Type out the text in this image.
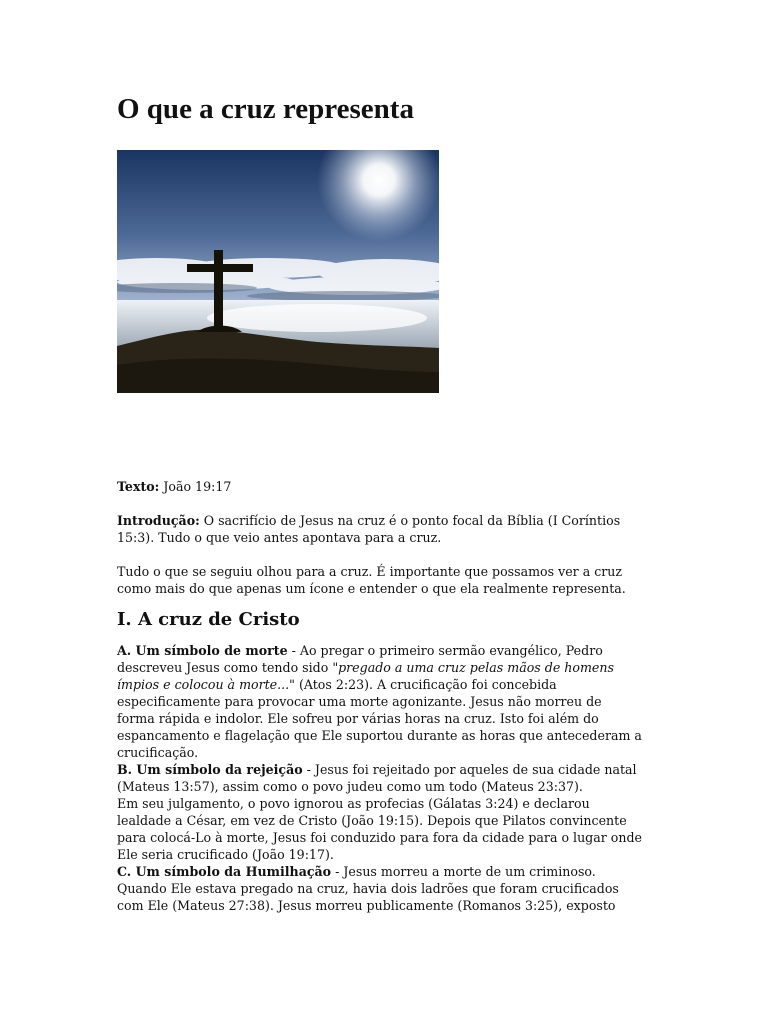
O que a cruz representa

Texto: João 19:17

Introdução: O sacrifício de Jesus na cruz é o ponto focal da Bíblia (I Coríntios
15:3). Tudo o que veio antes apontava para a cruz.

Tudo o que se seguiu olhou para a cruz. É importante que possamos ver a cruz
como mais do que apenas um ícone e entender o que ela realmente representa.

I. A cruz de Cristo

A. Um símbolo de morte - Ao pregar o primeiro sermão evangélico, Pedro
descreveu Jesus como tendo sido "pregado a uma cruz pelas mãos de homens
ímpios e colocou à morte..." (Atos 2:23). A crucificação foi concebida
especificamente para provocar uma morte agonizante. Jesus não morreu de
forma rápida e indolor. Ele sofreu por várias horas na cruz. Isto foi além do
espancamento e flagelação que Ele suportou durante as horas que antecederam a
crucificação.

B. Um símbolo da rejeição - Jesus foi rejeitado por aqueles de sua cidade natal
(Mateus 13:57), assim como o povo judeu como um todo (Mateus 23:37).
Em seu julgamento, o povo ignorou as profecias (Gálatas 3:24) e declarou
lealdade a César, em vez de Cristo (João 19:15). Depois que Pilatos convincente
para colocá-Lo à morte, Jesus foi conduzido para fora da cidade para o lugar onde
Ele seria crucificado (João 19:17).

C. Um símbolo da Humilhação - Jesus morreu a morte de um criminoso.
Quando Ele estava pregado na cruz, havia dois ladrões que foram crucificados
com Ele (Mateus 27:38). Jesus morreu publicamente (Romanos 3:25), exposto
